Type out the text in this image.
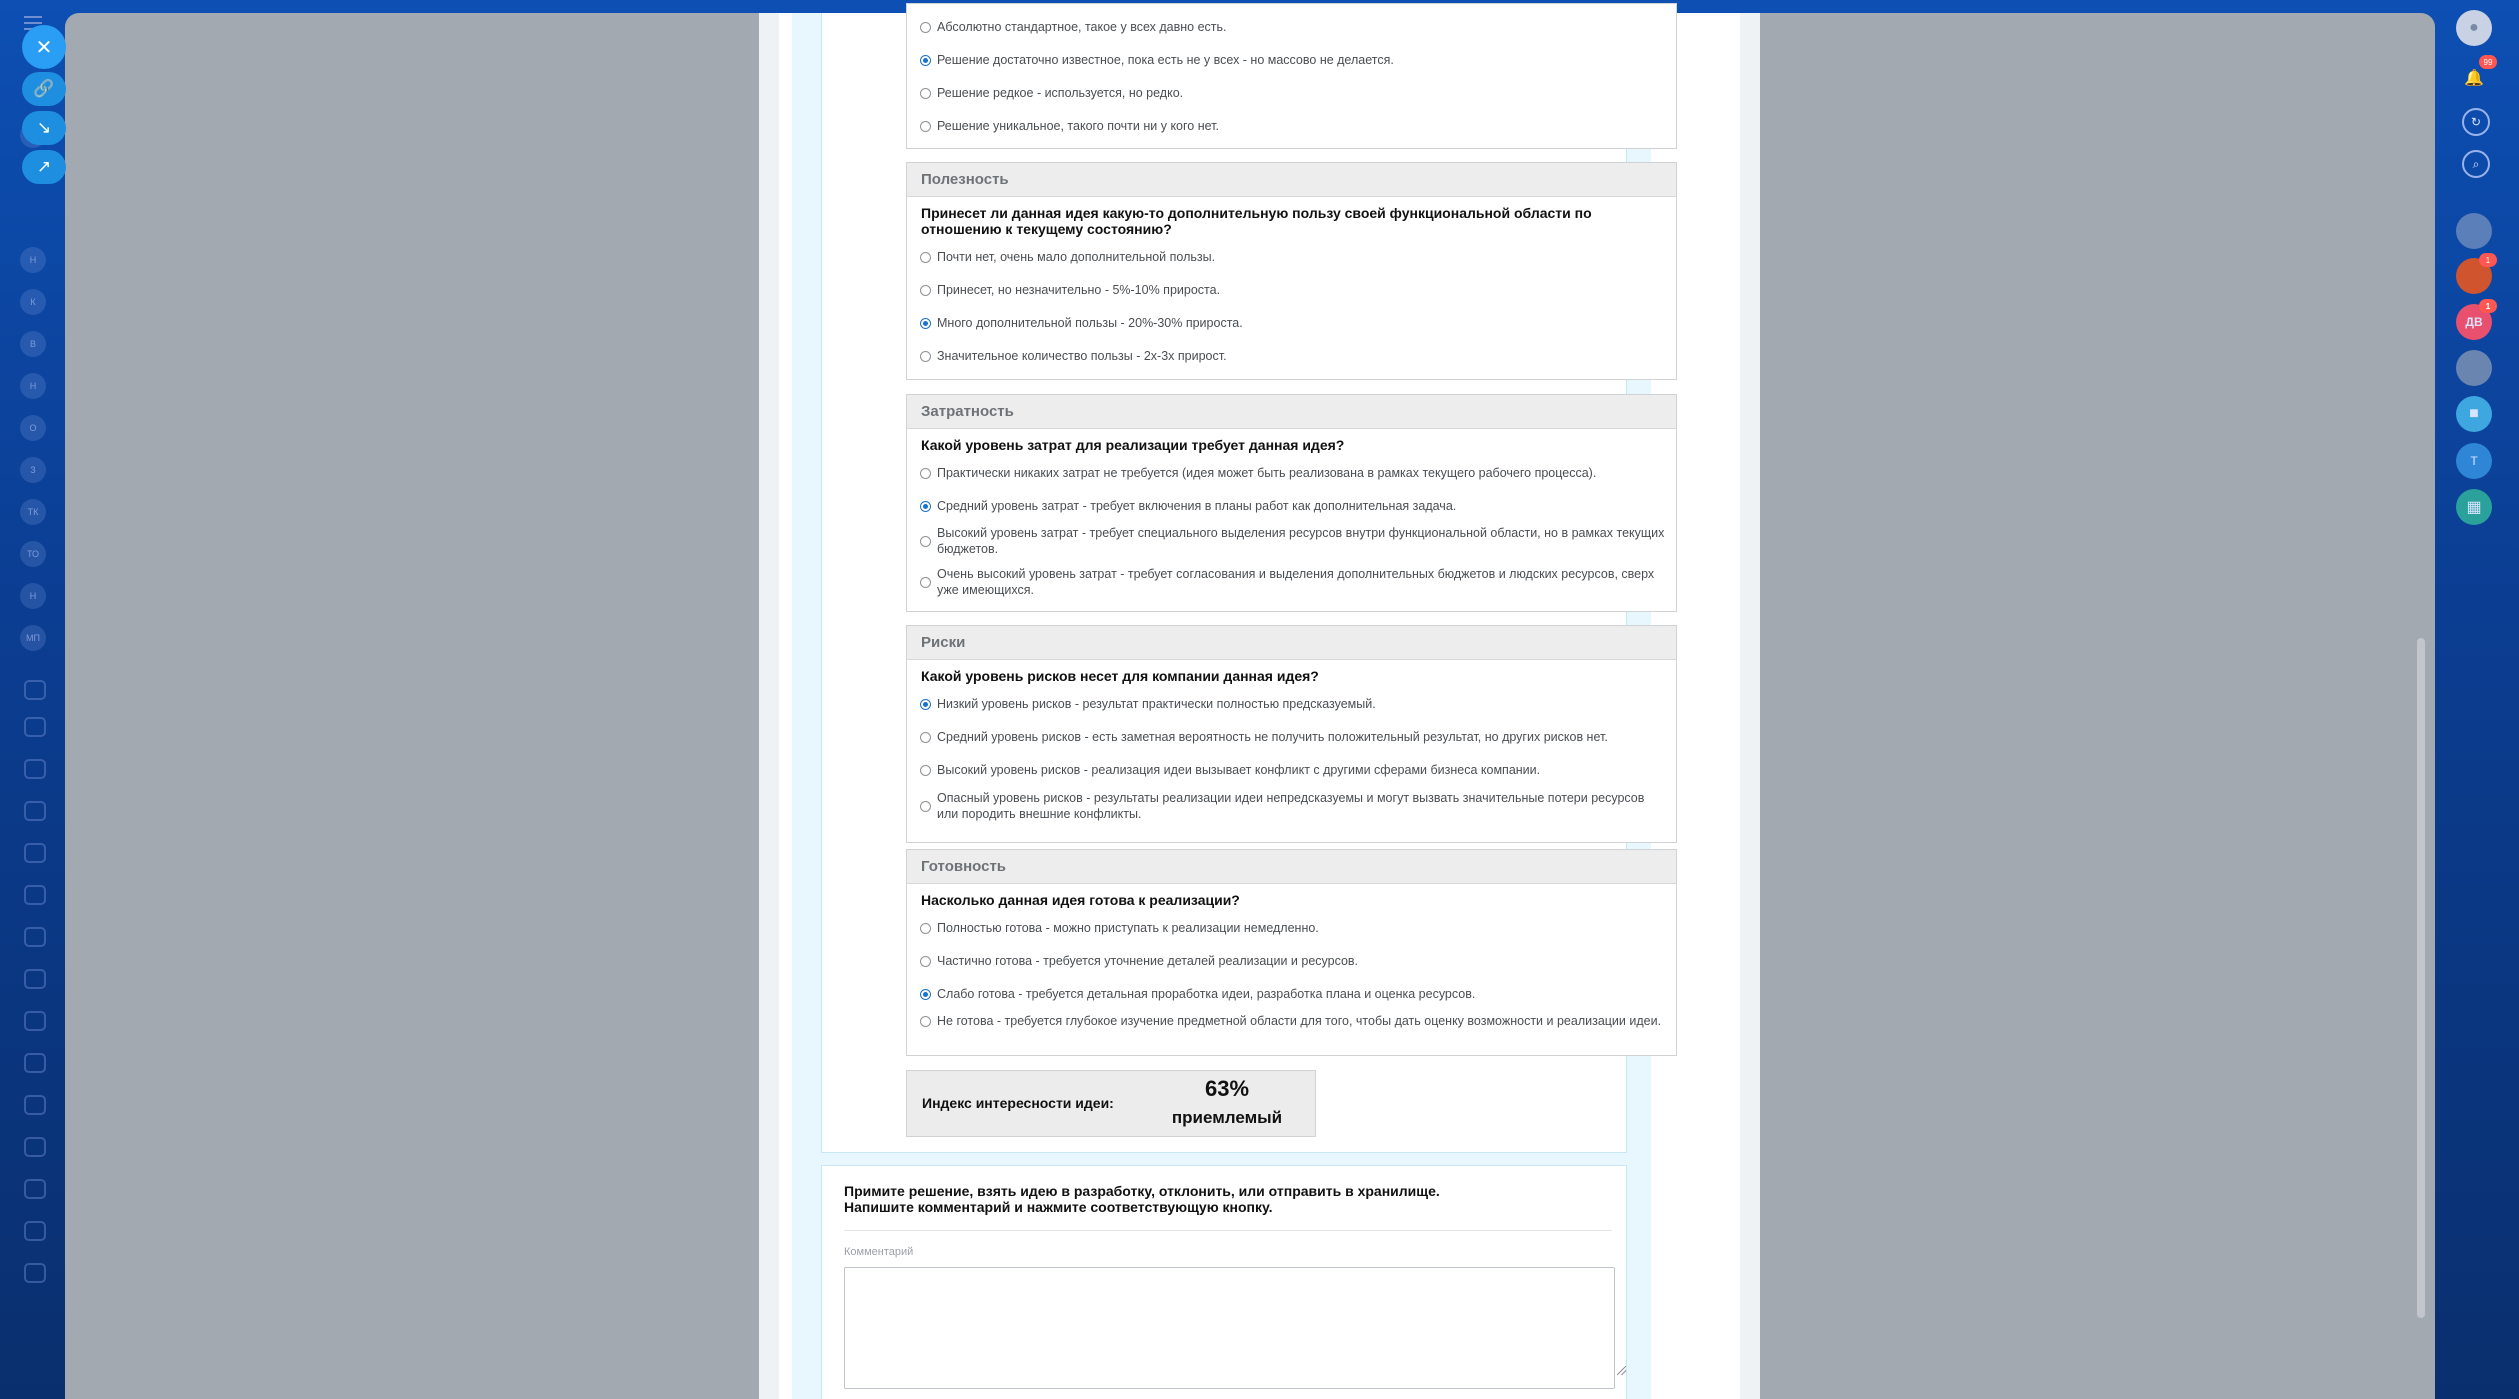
Н
К
В
Н
О
З
ТК
ТО
Н
МП
●
🔔
99
↻
⌕
1
ДВ
1
■
Т
▦
✕
🔗
↘
↗
Абсолютно стандартное, такое у всех давно есть.
Решение достаточно известное, пока есть не у всех - но массово не делается.
Решение редкое - используется, но редко.
Решение уникальное, такого почти ни у кого нет.
Полезность
Принесет ли данная идея какую-то дополнительную пользу своей функциональной области по отношению к текущему состоянию?
Почти нет, очень мало дополнительной пользы.
Принесет, но незначительно - 5%-10% прироста.
Много дополнительной пользы - 20%-30% прироста.
Значительное количество пользы - 2х-3х прирост.
Затратность
Какой уровень затрат для реализации требует данная идея?
Практически никаких затрат не требуется (идея может быть реализована в рамках текущего рабочего процесса).
Средний уровень затрат - требует включения в планы работ как дополнительная задача.
Высокий уровень затрат - требует специального выделения ресурсов внутри функциональной области, но в рамках текущих бюджетов.
Очень высокий уровень затрат - требует согласования и выделения дополнительных бюджетов и людских ресурсов, сверх уже имеющихся.
Риски
Какой уровень рисков несет для компании данная идея?
Низкий уровень рисков - результат практически полностью предсказуемый.
Средний уровень рисков - есть заметная вероятность не получить положительный результат, но других рисков нет.
Высокий уровень рисков - реализация идеи вызывает конфликт с другими сферами бизнеса компании.
Опасный уровень рисков - результаты реализации идеи непредсказуемы и могут вызвать значительные потери ресурсов или породить внешние конфликты.
Готовность
Насколько данная идея готова к реализации?
Полностью готова - можно приступать к реализации немедленно.
Частично готова - требуется уточнение деталей реализации и ресурсов.
Слабо готова - требуется детальная проработка идеи, разработка плана и оценка ресурсов.
Не готова - требуется глубокое изучение предметной области для того, чтобы дать оценку возможности и реализации идеи.
Индекс интересности идеи:
63%
приемлемый
Примите решение, взять идею в разработку, отклонить, или отправить в хранилище.
Напишите комментарий и нажмите соответствующую кнопку.
Комментарий
